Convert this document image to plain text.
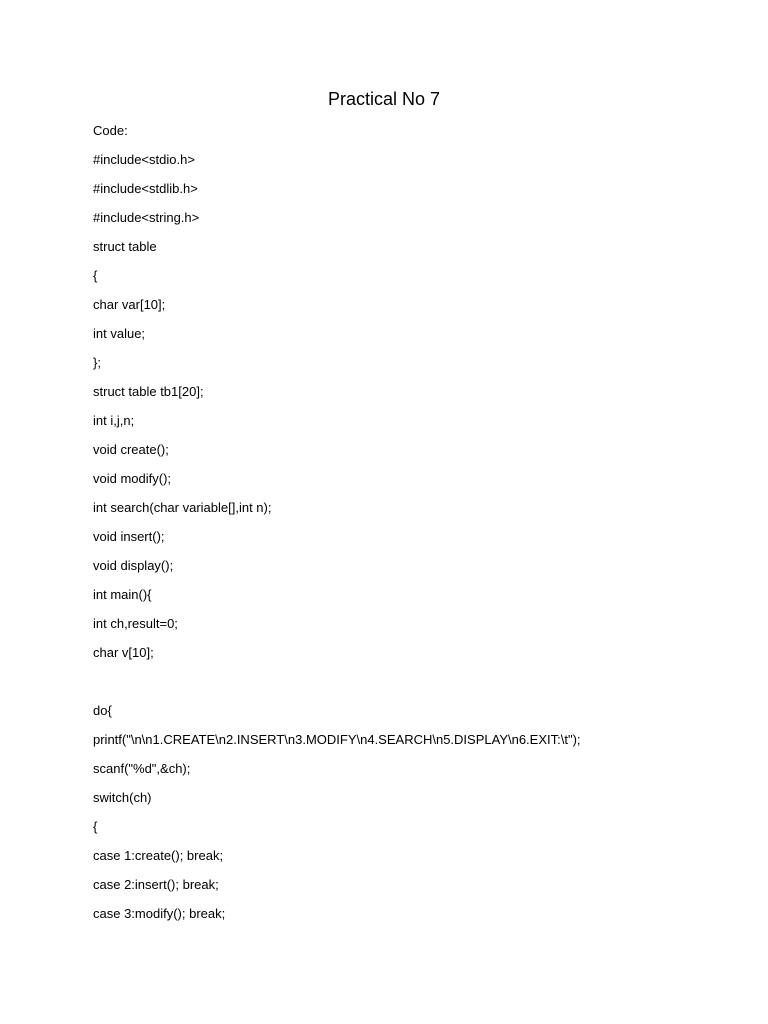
Practical No 7
Code:
#include<stdio.h>
#include<stdlib.h>
#include<string.h>
struct table
{
char var[10];
int value;
};
struct table tb1[20];
int i,j,n;
void create();
void modify();
int search(char variable[],int n);
void insert();
void display();
int main(){
int ch,result=0;
char v[10];
do{
printf("\n\n1.CREATE\n2.INSERT\n3.MODIFY\n4.SEARCH\n5.DISPLAY\n6.EXIT:\t");
scanf("%d",&ch);
switch(ch)
{
case 1:create(); break;
case 2:insert(); break;
case 3:modify(); break;
